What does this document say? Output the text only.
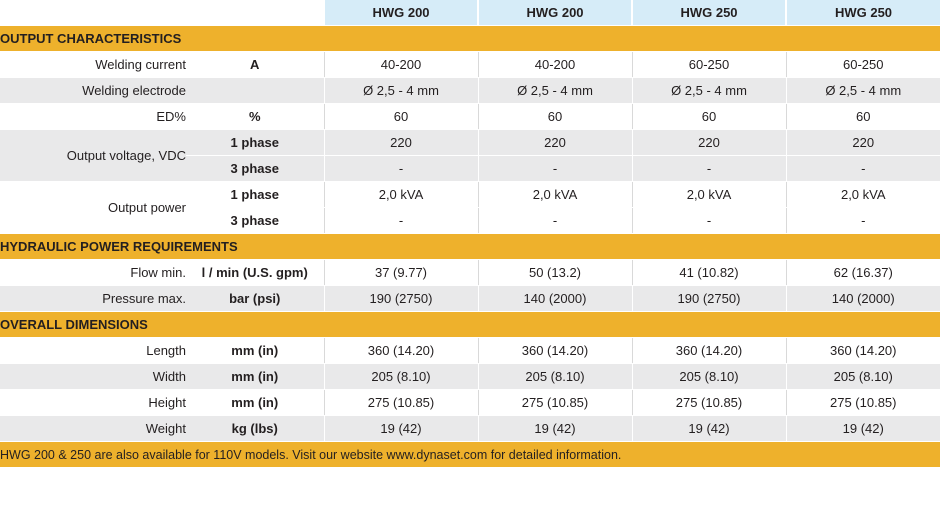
		HWG 200	HWG 200	HWG 250	HWG 250
OUTPUT CHARACTERISTICS					
Welding current	A	40-200	40-200	60-250	60-250
Welding electrode		Ø 2,5 - 4 mm	Ø 2,5 - 4 mm	Ø 2,5 - 4 mm	Ø 2,5 - 4 mm
ED%	%	60	60	60	60
Output voltage, VDC	1 phase	220	220	220	220
	3 phase	-	-	-	-
Output power	1 phase	2,0 kVA	2,0 kVA	2,0 kVA	2,0 kVA
	3 phase	-	-	-	-
HYDRAULIC POWER REQUIREMENTS					
Flow min.	l / min (U.S. gpm)	37 (9.77)	50 (13.2)	41 (10.82)	62 (16.37)
Pressure max.	bar (psi)	190 (2750)	140 (2000)	190 (2750)	140 (2000)
OVERALL DIMENSIONS					
Length	mm (in)	360 (14.20)	360 (14.20)	360 (14.20)	360 (14.20)
Width	mm (in)	205 (8.10)	205 (8.10)	205 (8.10)	205 (8.10)
Height	mm (in)	275 (10.85)	275 (10.85)	275 (10.85)	275 (10.85)
Weight	kg (lbs)	19 (42)	19 (42)	19 (42)	19 (42)
HWG 200 & 250 are also available for 110V models. Visit our website www.dynaset.com for detailed information.					
